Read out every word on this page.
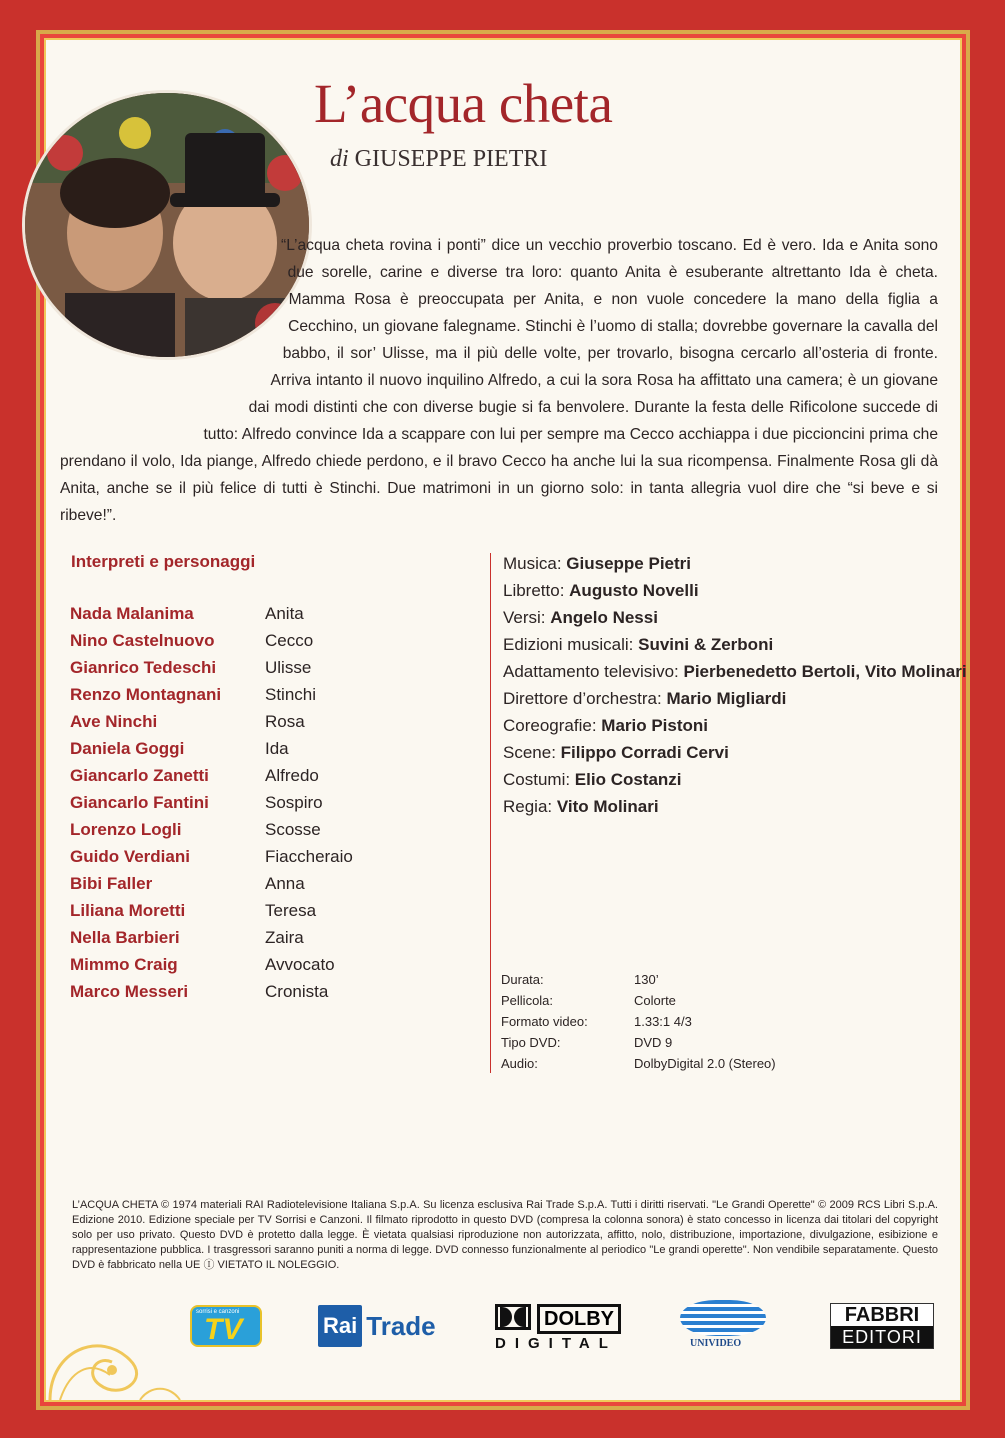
L’acqua cheta
di GIUSEPPE PIETRI

“L’acqua cheta rovina i ponti” dice un vecchio proverbio toscano. Ed è vero. Ida e Anita sono due sorelle, carine e diverse tra loro: quanto Anita è esuberante altrettanto Ida è cheta. Mamma Rosa è preoccupata per Anita, e non vuole concedere la mano della figlia a Cecchino, un giovane falegname. Stinchi è l’uomo di stalla; dovrebbe governare la cavalla del babbo, il sor’ Ulisse, ma il più delle volte, per trovarlo, bisogna cercarlo all’osteria di fronte. Arriva intanto il nuovo inquilino Alfredo, a cui la sora Rosa ha affittato una camera; è un giovane dai modi distinti che con diverse bugie si fa benvolere. Durante la festa delle Rificolone succede di tutto: Alfredo convince Ida a scappare con lui per sempre ma Cecco acchiappa i due piccioncini prima che prendano il volo, Ida piange, Alfredo chiede perdono, e il bravo Cecco ha anche lui la sua ricompensa. Finalmente Rosa gli dà Anita, anche se il più felice di tutti è Stinchi. Due matrimoni in un giorno solo: in tanta allegria vuol dire che “si beve e si ribeve!”.

Interpreti e personaggi
Nada Malanima	Anita
Nino Castelnuovo	Cecco
Gianrico Tedeschi	Ulisse
Renzo Montagnani	Stinchi
Ave Ninchi	Rosa
Daniela Goggi	Ida
Giancarlo Zanetti	Alfredo
Giancarlo Fantini	Sospiro
Lorenzo Logli	Scosse
Guido Verdiani	Fiaccheraio
Bibi Faller	Anna
Liliana Moretti	Teresa
Nella Barbieri	Zaira
Mimmo Craig	Avvocato
Marco Messeri	Cronista
Musica: Giuseppe Pietri
Libretto: Augusto Novelli
Versi: Angelo Nessi
Edizioni musicali: Suvini & Zerboni
Adattamento televisivo: Pierbenedetto Bertoli, Vito Molinari
Direttore d’orchestra: Mario Migliardi
Coreografie: Mario Pistoni
Scene: Filippo Corradi Cervi
Costumi: Elio Costanzi
Regia: Vito Molinari
Durata:	130’
Pellicola:	Colorte
Formato video:	1.33:1 4/3
Tipo DVD:	DVD 9
Audio:	DolbyDigital 2.0 (Stereo)
L’ACQUA CHETA © 1974 materiali RAI Radiotelevisione Italiana S.p.A. Su licenza esclusiva Rai Trade S.p.A. Tutti i diritti riservati. "Le Grandi Operette" © 2009 RCS Libri S.p.A. Edizione 2010. Edizione speciale per TV Sorrisi e Canzoni. Il filmato riprodotto in questo DVD (compresa la colonna sonora) è stato concesso in licenza dai titolari del copyright solo per uso privato. Questo DVD è protetto dalla legge. È vietata qualsiasi riproduzione non autorizzata, affitto, nolo, distribuzione, importazione, divulgazione, esibizione e rappresentazione pubblica. I trasgressori saranno puniti a norma di legge. DVD connesso funzionalmente al periodico "Le grandi operette". Non vendibile separatamente. Questo DVD è fabbricato nella UE Ⓘ VIETATO IL NOLEGGIO.
sorrisi e canzoni
TV	Rai Trade	DOLBY
DIGITAL	UNIVIDEO
FABBRI
EDITORI
